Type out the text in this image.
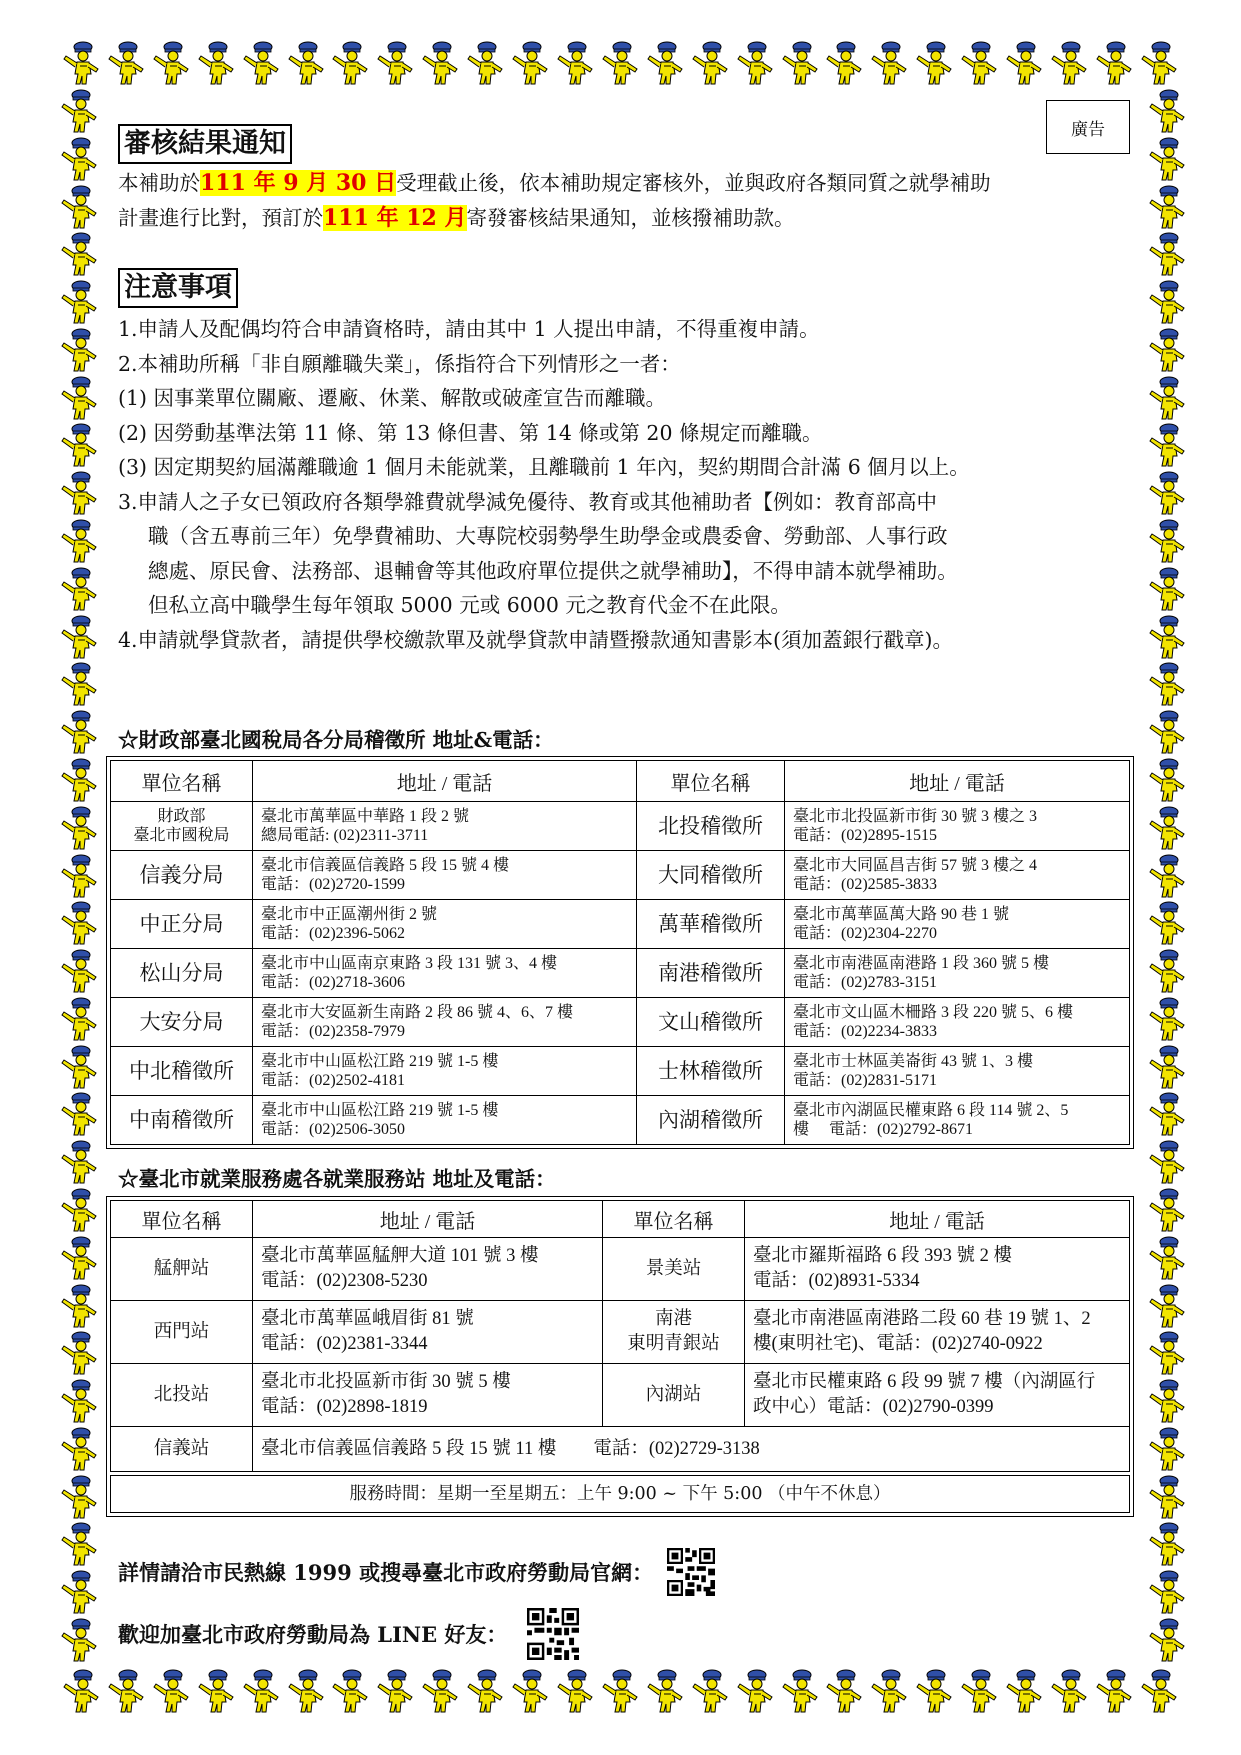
廣告
審核結果通知

本補助於111 年 9 月 30 日受理截止後，依本補助規定審核外，並與政府各類同質之就學補助

計畫進行比對，預訂於111 年 12 月寄發審核結果通知，並核撥補助款。

注意事項

1.申請人及配偶均符合申請資格時，請由其中 1 人提出申請，不得重複申請。

2.本補助所稱「非自願離職失業」，係指符合下列情形之一者：

(1) 因事業單位關廠、遷廠、休業、解散或破產宣告而離職。

(2) 因勞動基準法第 11 條、第 13 條但書、第 14 條或第 20 條規定而離職。

(3) 因定期契約屆滿離職逾 1 個月未能就業，且離職前 1 年內，契約期間合計滿 6 個月以上。

3.申請人之子女已領政府各類學雜費就學減免優待、教育或其他補助者【例如：教育部高中

職（含五專前三年）免學費補助、大專院校弱勢學生助學金或農委會、勞動部、人事行政

總處、原民會、法務部、退輔會等其他政府單位提供之就學補助】，不得申請本就學補助。

但私立高中職學生每年領取 5000 元或 6000 元之教育代金不在此限。

4.申請就學貸款者，請提供學校繳款單及就學貸款申請暨撥款通知書影本(須加蓋銀行戳章)。

☆財政部臺北國稅局各分局稽徵所 地址&電話：

單位名稱	地址 / 電話	單位名稱	地址 / 電話

財政部
臺北市國稅局	臺北市萬華區中華路 1 段 2 號
總局電話: (02)2311-3711	北投稽徵所	臺北市北投區新市街 30 號 3 樓之 3
電話：(02)2895-1515

信義分局	臺北市信義區信義路 5 段 15 號 4 樓
電話：(02)2720-1599	大同稽徵所	臺北市大同區昌吉街 57 號 3 樓之 4
電話：(02)2585-3833

中正分局	臺北市中正區潮州街 2 號
電話：(02)2396-5062	萬華稽徵所	臺北市萬華區萬大路 90 巷 1 號
電話：(02)2304-2270

松山分局	臺北市中山區南京東路 3 段 131 號 3、4 樓
電話：(02)2718-3606	南港稽徵所	臺北市南港區南港路 1 段 360 號 5 樓
電話：(02)2783-3151

大安分局	臺北市大安區新生南路 2 段 86 號 4、6、7 樓
電話：(02)2358-7979	文山稽徵所	臺北市文山區木柵路 3 段 220 號 5、6 樓
電話：(02)2234-3833

中北稽徵所	臺北市中山區松江路 219 號 1-5 樓
電話：(02)2502-4181	士林稽徵所	臺北市士林區美崙街 43 號 1、3 樓
電話：(02)2831-5171

中南稽徵所	臺北市中山區松江路 219 號 1-5 樓
電話：(02)2506-3050	內湖稽徵所	臺北市內湖區民權東路 6 段 114 號 2、5
樓　 電話：(02)2792-8671

☆臺北市就業服務處各就業服務站 地址及電話：

單位名稱	地址 / 電話	單位名稱	地址 / 電話
艋舺站	臺北市萬華區艋舺大道 101 號 3 樓
電話：(02)2308-5230	景美站	臺北市羅斯福路 6 段 393 號 2 樓
電話：(02)8931-5334

西門站	臺北市萬華區峨眉街 81 號
電話：(02)2381-3344	南港
東明青銀站	臺北市南港區南港路二段 60 巷 19 號 1、2
樓(東明社宅)、電話：(02)2740-0922

北投站	臺北市北投區新市街 30 號 5 樓
電話：(02)2898-1819	內湖站	臺北市民權東路 6 段 99 號 7 樓（內湖區行
政中心）電話：(02)2790-0399

信義站	臺北市信義區信義路 5 段 15 號 11 樓　　電話：(02)2729-3138		
服務時間：星期一至星期五：上午 9:00 ~ 下午 5:00 （中午不休息）

詳情請洽市民熱線 1999 或搜尋臺北市政府勞動局官網：

歡迎加臺北市政府勞動局為 LINE 好友：
